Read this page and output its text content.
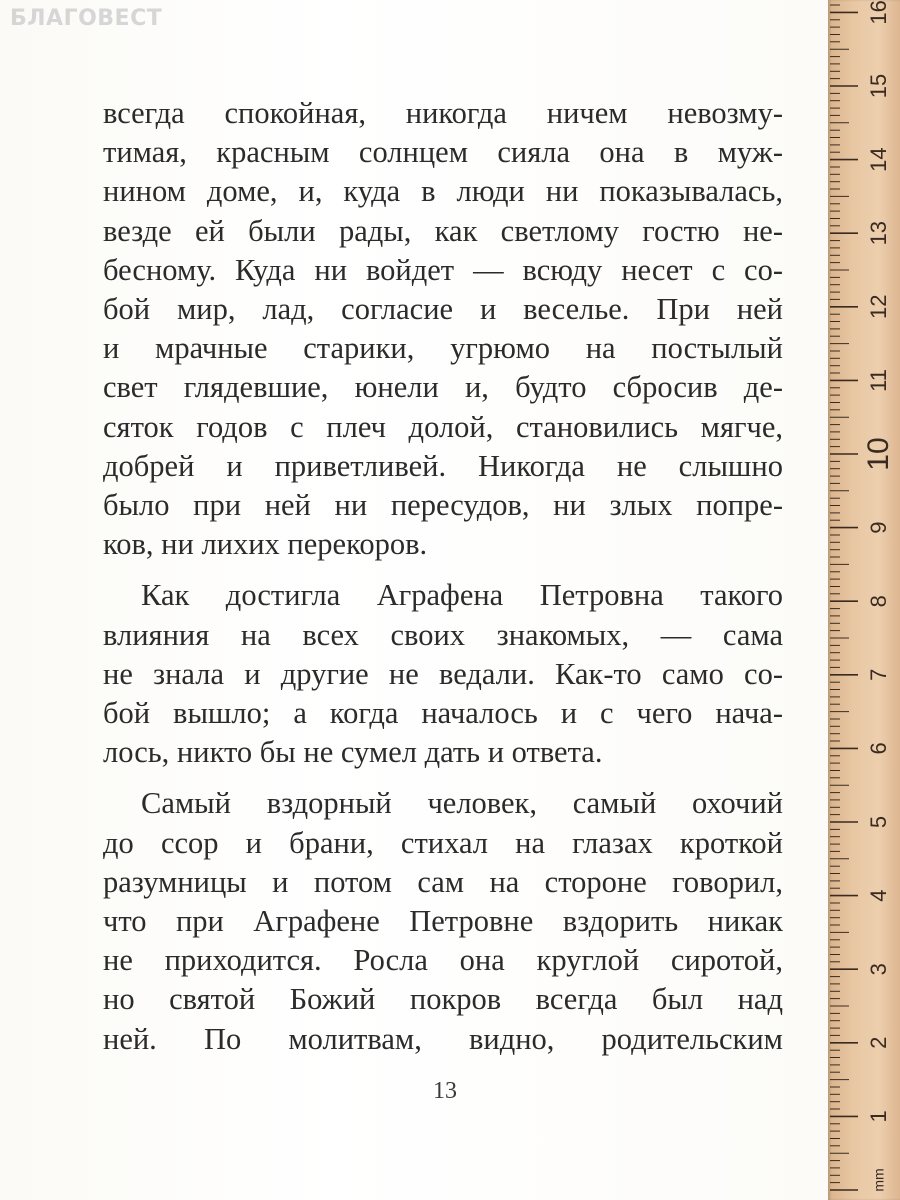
БЛАГОВЕСТ

всегда спокойная, никогда ничем невозму-

тимая, красным солнцем сияла она в муж-

нином доме, и, куда в люди ни показывалась,

везде ей были рады, как светлому гостю не-

бесному. Куда ни войдет — всюду несет с со-

бой мир, лад, согласие и веселье. При ней

и мрачные старики, угрюмо на постылый

свет глядевшие, юнели и, будто сбросив де-

сяток годов с плеч долой, становились мягче,

добрей и приветливей. Никогда не слышно

было при ней ни пересудов, ни злых попре-

ков, ни лихих перекоров.

Как достигла Аграфена Петровна такого

влияния на всех своих знакомых, — сама

не знала и другие не ведали. Как-то само со-

бой вышло; а когда началось и с чего нача-

лось, никто бы не сумел дать и ответа.

Самый вздорный человек, самый охочий

до ссор и брани, стихал на глазах кроткой

разумницы и потом сам на стороне говорил,

что при Аграфене Петровне вздорить никак

не приходится. Росла она круглой сиротой,

но святой Божий покров всегда был над

ней. По молитвам, видно, родительским

13
1
2
3
4
5
6
7
8
9
10
11
12
13
14
15
16
mm
